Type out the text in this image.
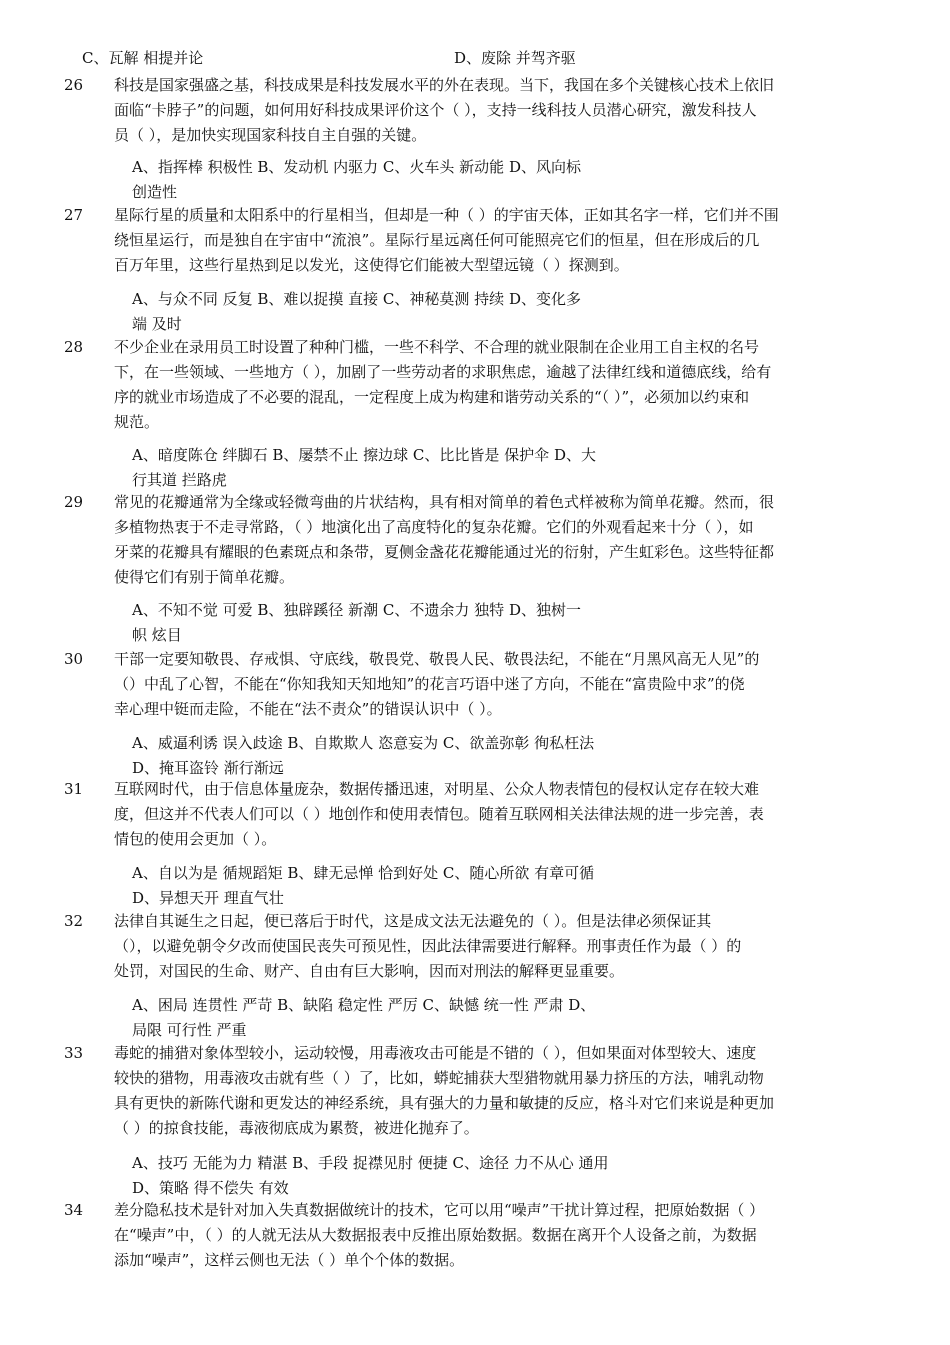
C、瓦解 相提并论	D、废除 并驾齐驱
26	科技是国家强盛之基，科技成果是科技发展水平的外在表现。当下，我国在多个关键核心技术上依旧
面临“卡脖子”的问题，如何用好科技成果评价这个（ ），支持一线科技人员潜心研究，激发科技人
员（ ），是加快实现国家科技自主自强的关键。
A、指挥棒 积极性 B、发动机 内驱力 C、火车头 新动能 D、风向标
创造性
27	星际行星的质量和太阳系中的行星相当，但却是一种（ ）的宇宙天体，正如其名字一样，它们并不围
绕恒星运行，而是独自在宇宙中“流浪”。星际行星远离任何可能照亮它们的恒星，但在形成后的几
百万年里，这些行星热到足以发光，这使得它们能被大型望远镜（ ）探测到。
A、与众不同 反复 B、难以捉摸 直接 C、神秘莫测 持续 D、变化多
端 及时
28	不少企业在录用员工时设置了种种门槛，一些不科学、不合理的就业限制在企业用工自主权的名号
下，在一些领域、一些地方（ ），加剧了一些劳动者的求职焦虑，逾越了法律红线和道德底线，给有
序的就业市场造成了不必要的混乱，一定程度上成为构建和谐劳动关系的“（ ）”，必须加以约束和
规范。
A、暗度陈仓 绊脚石 B、屡禁不止 擦边球 C、比比皆是 保护伞 D、大
行其道 拦路虎
29	常见的花瓣通常为全缘或轻微弯曲的片状结构，具有相对简单的着色式样被称为简单花瓣。然而，很
多植物热衷于不走寻常路，（ ）地演化出了高度特化的复杂花瓣。它们的外观看起来十分（ ），如
牙菜的花瓣具有耀眼的色素斑点和条带，夏侧金盏花花瓣能通过光的衍射，产生虹彩色。这些特征都
使得它们有别于简单花瓣。
A、不知不觉 可爱 B、独辟蹊径 新潮 C、不遗余力 独特 D、独树一
帜 炫目
30	干部一定要知敬畏、存戒惧、守底线，敬畏党、敬畏人民、敬畏法纪，不能在“月黑风高无人见”的
（）中乱了心智，不能在“你知我知天知地知”的花言巧语中迷了方向，不能在“富贵险中求”的侥
幸心理中铤而走险，不能在“法不责众”的错误认识中（ ）。
A、威逼利诱 误入歧途 B、自欺欺人 恣意妄为 C、欲盖弥彰 徇私枉法
D、掩耳盗铃 渐行渐远
31	互联网时代，由于信息体量庞杂，数据传播迅速，对明星、公众人物表情包的侵权认定存在较大难
度，但这并不代表人们可以（ ）地创作和使用表情包。随着互联网相关法律法规的进一步完善，表
情包的使用会更加（ ）。
A、自以为是 循规蹈矩 B、肆无忌惮 恰到好处 C、随心所欲 有章可循
D、异想天开 理直气壮
32	法律自其诞生之日起，便已落后于时代，这是成文法无法避免的（ ）。但是法律必须保证其
（），以避免朝令夕改而使国民丧失可预见性，因此法律需要进行解释。刑事责任作为最（ ）的
处罚，对国民的生命、财产、自由有巨大影响，因而对刑法的解释更显重要。
A、困局 连贯性 严苛 B、缺陷 稳定性 严厉 C、缺憾 统一性 严肃 D、
局限 可行性 严重
33	毒蛇的捕猎对象体型较小，运动较慢，用毒液攻击可能是不错的（ ），但如果面对体型较大、速度
较快的猎物，用毒液攻击就有些（ ）了，比如，蟒蛇捕获大型猎物就用暴力挤压的方法，哺乳动物
具有更快的新陈代谢和更发达的神经系统，具有强大的力量和敏捷的反应，格斗对它们来说是种更加
（ ）的掠食技能，毒液彻底成为累赘，被进化抛弃了。
A、技巧 无能为力 精湛 B、手段 捉襟见肘 便捷 C、途径 力不从心 通用
D、策略 得不偿失 有效
34	差分隐私技术是针对加入失真数据做统计的技术，它可以用“噪声”干扰计算过程，把原始数据（ ）
在“噪声”中，（ ）的人就无法从大数据报表中反推出原始数据。数据在离开个人设备之前，为数据
添加“噪声”，这样云侧也无法（ ）单个个体的数据。
